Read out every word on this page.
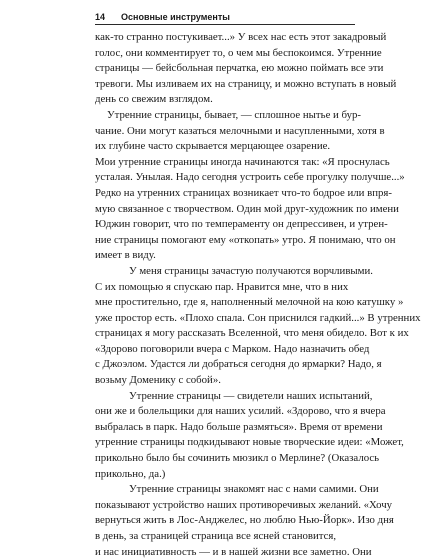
14 Основные инструменты
как-то странно постукивает...» У всех нас есть этот закадровый
голос, они комментирует то, о чем мы беспокоимся. Утренние
страницы — бейсбольная перчатка, ею можно поймать все эти
тревоги. Мы изливаем их на страницу, и можно вступать в новый
день со свежим взглядом.
Утренние страницы, бывает, — сплошное нытье и бур-
чание. Они могут казаться мелочными и насупленными, хотя в
их глубине часто скрывается мерцающее озарение.
Мои утренние страницы иногда начинаются так: «Я проснулась
усталая. Унылая. Надо сегодня устроить себе прогулку получше...»
Редко на утренних страницах возникает что-то бодрое или впря-
мую связанное с творчеством. Один мой друг-художник по имени
Юджин говорит, что по темпераменту он депрессивен, и утрен-
ние страницы помогают ему «откопать» утро. Я понимаю, что он
имеет в виду.
У меня страницы зачастую получаются ворчливыми.
С их помощью я спускаю пар. Нравится мне, что в них
мне простительно, где я, наполненный мелочной на кою катушку »
уже простор есть. «Плохо спала. Сон приснился гадкий...» В утренних
страницах я могу рассказать Вселенной, что меня обидело. Вот к их
«Здорово поговорили вчера с Марком. Надо назначить обед
с Джоэлом. Удастся ли добраться сегодня до ярмарки? Надо, я
возьму Доменику с собой».
Утренние страницы — свидетели наших испытаний,
они же и болельщики для наших усилий. «Здорово, что я вчера
выбралась в парк. Надо больше размяться». Время от времени
утренние страницы подкидывают новые творческие идеи: «Может,
прикольно было бы сочинить мюзикл о Мерлине? (Оказалось
прикольно, да.)
Утренние страницы знакомят нас с нами самими. Они
показывают устройство наших противоречивых желаний. «Хочу
вернуться жить в Лос-Анджелес, но люблю Нью-Йорк». Изо дня
в день, за страницей страница все ясней становится,
и нас инициативность — и в нашей жизни все заметно. Они
